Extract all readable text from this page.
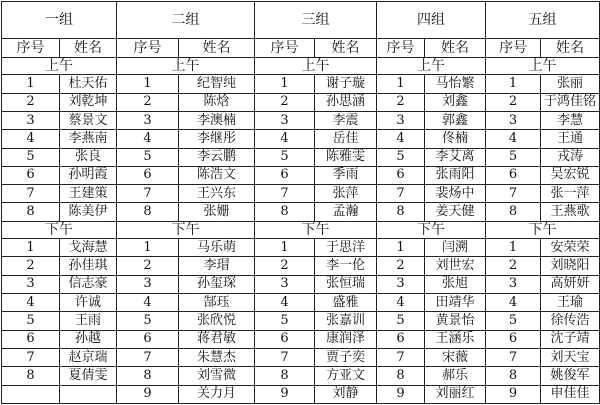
一组		二组		三组		四组		五组	
序号	姓名	序号	姓名	序号	姓名	序号	姓名	序号	姓名
上午		上午		上午		上午		上午	
1	杜天佑	1	纪智纯	1	谢子璇	1	马怡繁	1	张丽
2	刘乾坤	2	陈焓	2	孙思涵	2	刘鑫	2	于鸿佳铭
3	蔡景文	3	李澳楠	3	李震	3	郭鑫	3	李慧
4	李燕南	4	李继彤	4	岳佳	4	佟楠	4	王通
5	张良	5	李云鹏	5	陈雅雯	5	李艾离	5	戎涛
6	孙明霞	6	陈浩文	6	季雨	6	张雨阳	6	吴宏锐
7	王建策	7	王兴东	7	张萍	7	裴炀中	7	张一萍
8	陈美伊	8	张姗	8	孟瀚	8	姜天健	8	王燕歌
下午		下午		下午		下午		下午	
1	戈海慧	1	马乐萌	1	于思洋	1	闫溯	1	安荣荣
2	孙佳琪	2	李瑁	2	李一伦	2	刘世宏	2	刘晓阳
3	信志豪	3	孙玺琛	3	张恒瑞	3	张旭	3	高妍妍
4	许诚	4	郜珏	4	盛雅	4	田靖华	4	王瑜
5	王雨	5	张欣悦	5	张嘉训	5	黄景怡	5	徐传浩
6	孙越	6	蒋君敏	6	康润泽	6	王涵乐	6	沈子靖
7	赵京瑞	7	朱慧杰	7	贾子奕	7	宋薇	7	刘天宝
8	夏倩雯	8	刘雪微	8	方亚文	8	郝乐	8	姚俊军
		9	关力月	9	刘静	9	刘丽红	9	申佳佳
